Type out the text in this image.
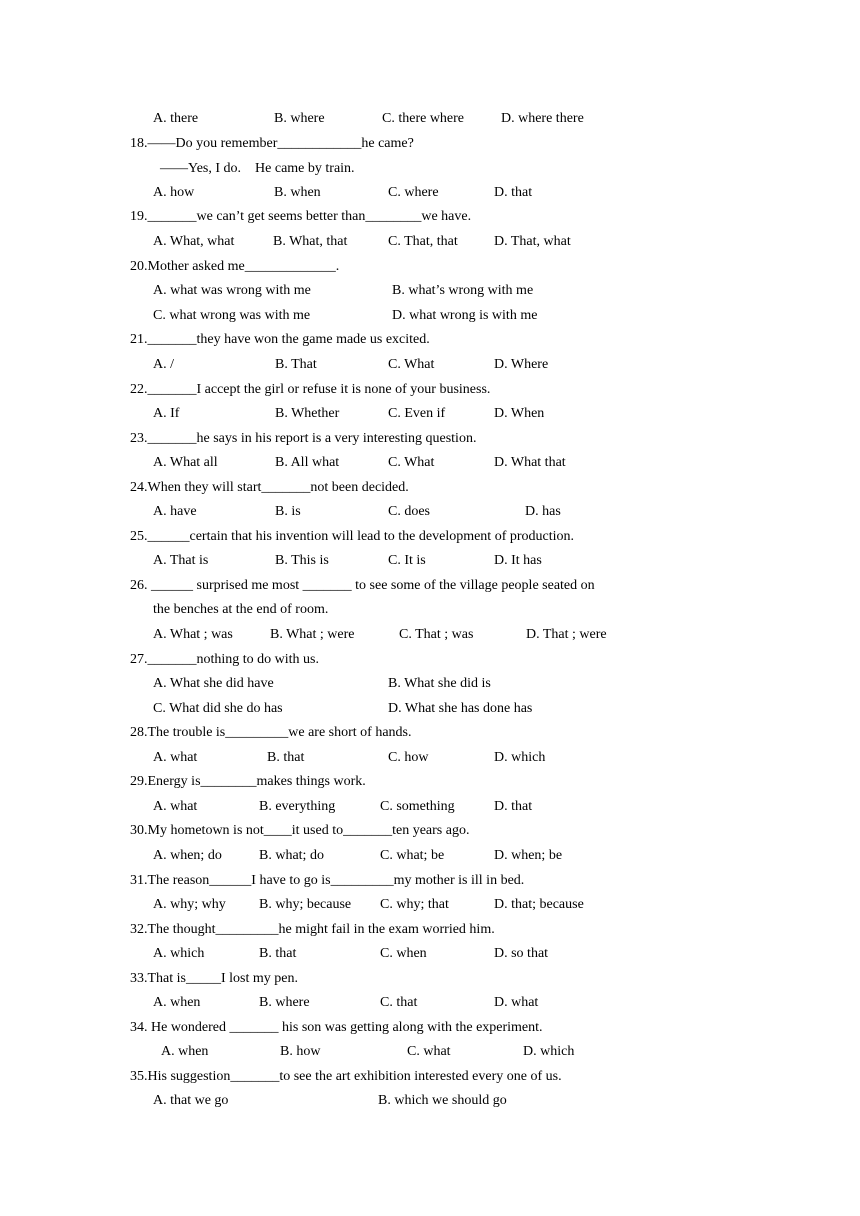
A. there	B. where	C. there where	D. where there
18.——Do you remember____________he came?
——Yes, I do.    He came by train.
A. how	B. when	C. where	D. that
19._______we can’t get seems better than________we have.
A. What, what	B. What, that	C. That, that	D. That, what
20.Mother asked me_____________.
A. what was wrong with me	B. what’s wrong with me
C. what wrong was with me	D. what wrong is with me
21._______they have won the game made us excited.
A. /	B. That	C. What	D. Where
22._______I accept the girl or refuse it is none of your business.
A. If	B. Whether	C. Even if	D. When
23._______he says in his report is a very interesting question.
A. What all	B. All what	C. What	D. What that
24.When they will start_______not been decided.
A. have	B. is	C. does	D. has
25.______certain that his invention will lead to the development of production.
A. That is	B. This is	C. It is	D. It has
26. ______ surprised me most _______ to see some of the village people seated on
the benches at the end of room.
A. What ; was	B. What ; were	C. That ; was	D. That ; were
27._______nothing to do with us.
A. What she did have	B. What she did is
C. What did she do has	D. What she has done has
28.The trouble is_________we are short of hands.
A. what	B. that	C. how	D. which
29.Energy is________makes things work.
A. what	B. everything	C. something	D. that
30.My hometown is not____it used to_______ten years ago.
A. when; do	B. what; do	C. what; be	D. when; be
31.The reason______I have to go is_________my mother is ill in bed.
A. why; why B. why; because C. why; that	D. that; because
32.The thought_________he might fail in the exam worried him.
A. which	B. that	C. when	D. so that
33.That is_____I lost my pen.
A. when	B. where	C. that	D. what
34. He wondered _______ his son was getting along with the experiment.
A. when	B. how	C. what	D. which
35.His suggestion_______to see the art exhibition interested every one of us.
A. that we go	B. which we should go
